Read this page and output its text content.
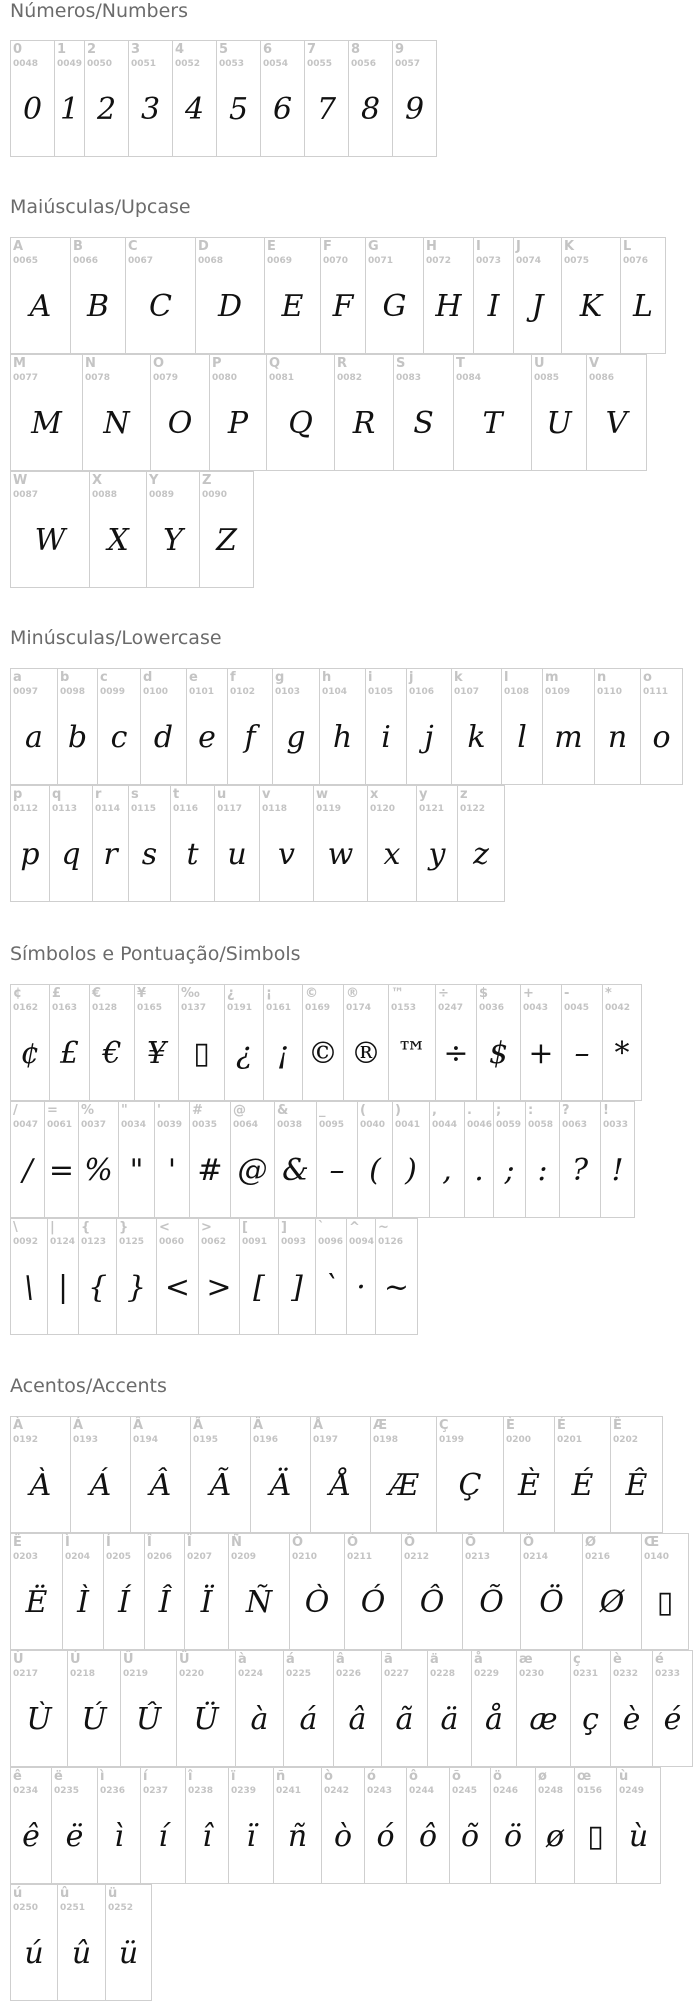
Números/Numbers
0
0048
0
1
0049
1
2
0050
2
3
0051
3
4
0052
4
5
0053
5
6
0054
6
7
0055
7
8
0056
8
9
0057
9
Maiúsculas/Upcase
A
0065
A
B
0066
B
C
0067
C
D
0068
D
E
0069
E
F
0070
F
G
0071
G
H
0072
H
I
0073
I
J
0074
J
K
0075
K
L
0076
L
M
0077
M
N
0078
N
O
0079
O
P
0080
P
Q
0081
Q
R
0082
R
S
0083
S
T
0084
T
U
0085
U
V
0086
V
W
0087
W
X
0088
X
Y
0089
Y
Z
0090
Z
Minúsculas/Lowercase
a
0097
a
b
0098
b
c
0099
c
d
0100
d
e
0101
e
f
0102
f
g
0103
g
h
0104
h
i
0105
i
j
0106
j
k
0107
k
l
0108
l
m
0109
m
n
0110
n
o
0111
o
p
0112
p
q
0113
q
r
0114
r
s
0115
s
t
0116
t
u
0117
u
v
0118
v
w
0119
w
x
0120
x
y
0121
y
z
0122
z
Símbolos e Pontuação/Simbols
¢
0162
¢
£
0163
£
€
0128
€
¥
0165
¥
‰
0137
▯
¿
0191
¿
¡
0161
¡
©
0169
©
®
0174
®
™
0153
™
÷
0247
÷
$
0036
$
+
0043
+
-
0045
–
*
0042
*
/
0047
/
=
0061
=
%
0037
%
"
0034
"
'
0039
'
#
0035
#
@
0064
@
&
0038
&
_
0095
–
(
0040
(
)
0041
)
,
0044
,
.
0046
.
;
0059
;
:
0058
:
?
0063
?
!
0033
!
\
0092
\
|
0124
|
{
0123
{
}
0125
}
<
0060
<
>
0062
>
[
0091
[
]
0093
]
`
0096
`
^
0094
·
~
0126
~
Acentos/Accents
À
0192
À
Á
0193
Á
Â
0194
Â
Ã
0195
Ã
Ä
0196
Ä
Å
0197
Å
Æ
0198
Æ
Ç
0199
Ç
È
0200
È
É
0201
É
Ê
0202
Ê
Ë
0203
Ë
Ì
0204
Ì
Í
0205
Í
Î
0206
Î
Ï
0207
Ï
Ñ
0209
Ñ
Ò
0210
Ò
Ó
0211
Ó
Ô
0212
Ô
Õ
0213
Õ
Ö
0214
Ö
Ø
0216
Ø
Œ
0140
▯
Ù
0217
Ù
Ú
0218
Ú
Û
0219
Û
Ü
0220
Ü
à
0224
à
á
0225
á
â
0226
â
ã
0227
ã
ä
0228
ä
å
0229
å
æ
0230
æ
ç
0231
ç
è
0232
è
é
0233
é
ê
0234
ê
ë
0235
ë
ì
0236
ì
í
0237
í
î
0238
î
ï
0239
ï
ñ
0241
ñ
ò
0242
ò
ó
0243
ó
ô
0244
ô
õ
0245
õ
ö
0246
ö
ø
0248
ø
œ
0156
▯
ù
0249
ù
ú
0250
ú
û
0251
û
ü
0252
ü
